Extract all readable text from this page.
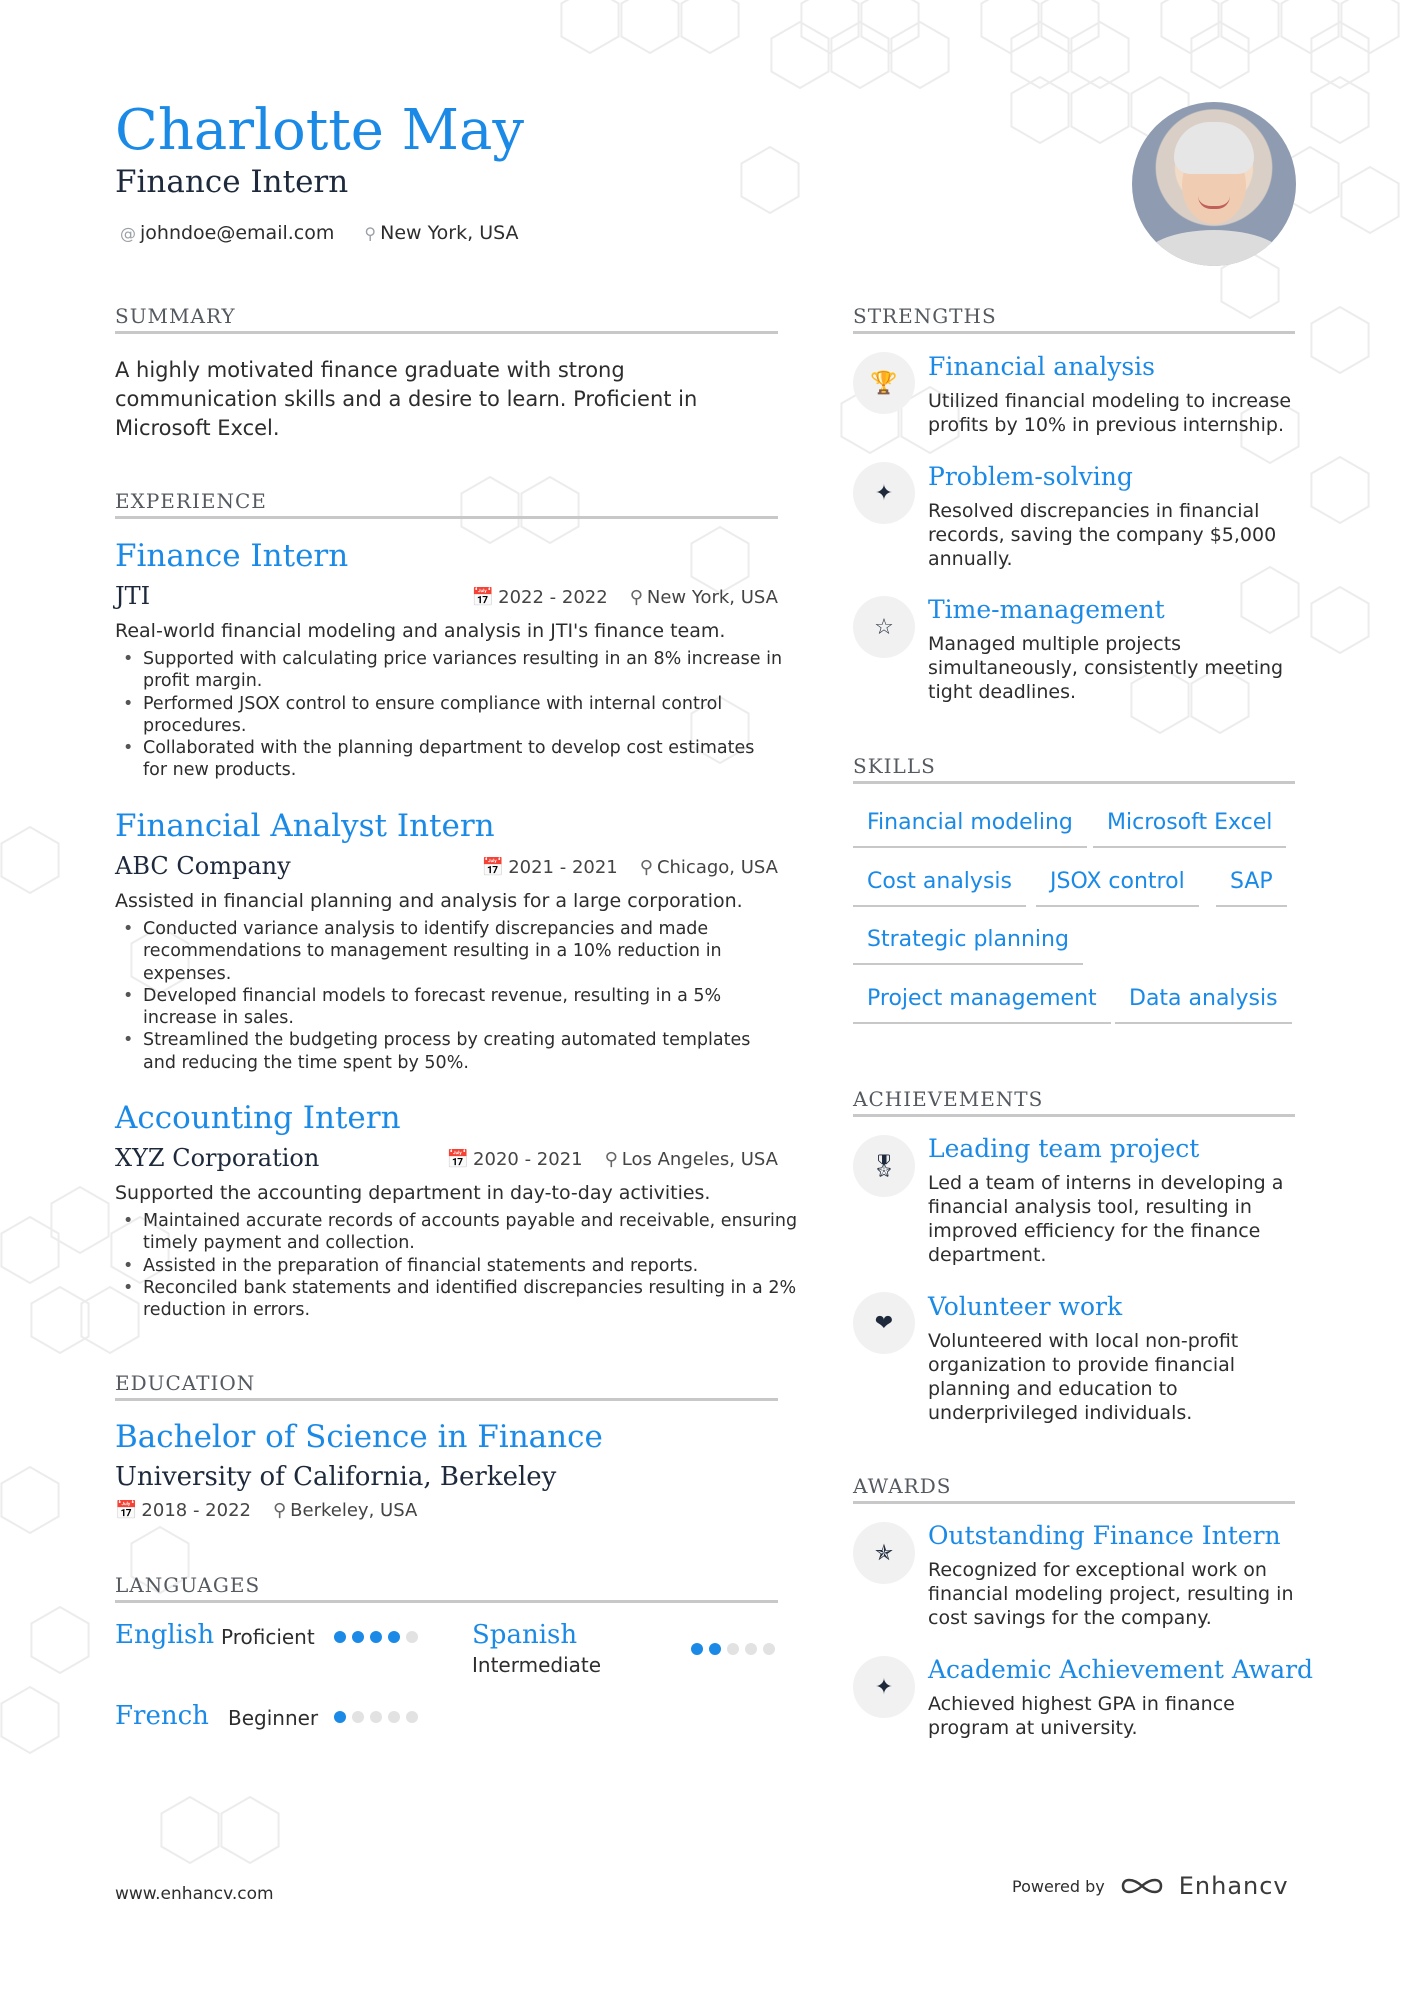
Charlotte May
Finance Intern
@ johndoe@email.com ⚲ New York, USA
SUMMARY

A highly motivated finance graduate with strong communication skills and a desire to learn. Proficient in Microsoft Excel.

EXPERIENCE
Finance Intern
JTI	📅 2022 - 2022 ⚲ New York, USA

Real-world financial modeling and analysis in JTI's finance team.

• Supported with calculating price variances resulting in an 8% increase in profit margin.
• Performed JSOX control to ensure compliance with internal control procedures.
• Collaborated with the planning department to develop cost estimates for new products.
Financial Analyst Intern
ABC Company	📅 2021 - 2021 ⚲ Chicago, USA

Assisted in financial planning and analysis for a large corporation.

• Conducted variance analysis to identify discrepancies and made recommendations to management resulting in a 10% reduction in expenses.
• Developed financial models to forecast revenue, resulting in a 5% increase in sales.
• Streamlined the budgeting process by creating automated templates and reducing the time spent by 50%.
Accounting Intern
XYZ Corporation	📅 2020 - 2021 ⚲ Los Angeles, USA

Supported the accounting department in day-to-day activities.

• Maintained accurate records of accounts payable and receivable, ensuring timely payment and collection.
• Assisted in the preparation of financial statements and reports.
• Reconciled bank statements and identified discrepancies resulting in a 2% reduction in errors.
EDUCATION
Bachelor of Science in Finance
University of California, Berkeley
📅 2018 - 2022 ⚲ Berkeley, USA
LANGUAGES
English Proficient	Spanish
Intermediate
French Beginner
STRENGTHS
🏆
Financial analysis

Utilized financial modeling to increase profits by 10% in previous internship.

✦
Problem-solving

Resolved discrepancies in financial records, saving the company $5,000 annually.

☆
Time-management

Managed multiple projects simultaneously, consistently meeting tight deadlines.

SKILLS
Financial modeling	Microsoft Excel
Cost analysis	JSOX control	SAP
Strategic planning
Project management	Data analysis
ACHIEVEMENTS
🎖
Leading team project

Led a team of interns in developing a financial analysis tool, resulting in improved efficiency for the finance department.

❤
Volunteer work

Volunteered with local non-profit organization to provide financial planning and education to underprivileged individuals.

AWARDS
✯
Outstanding Finance Intern

Recognized for exceptional work on financial modeling project, resulting in cost savings for the company.

✦
Academic Achievement Award

Achieved highest GPA in finance program at university.

www.enhancv.com	Powered by	Enhancv
